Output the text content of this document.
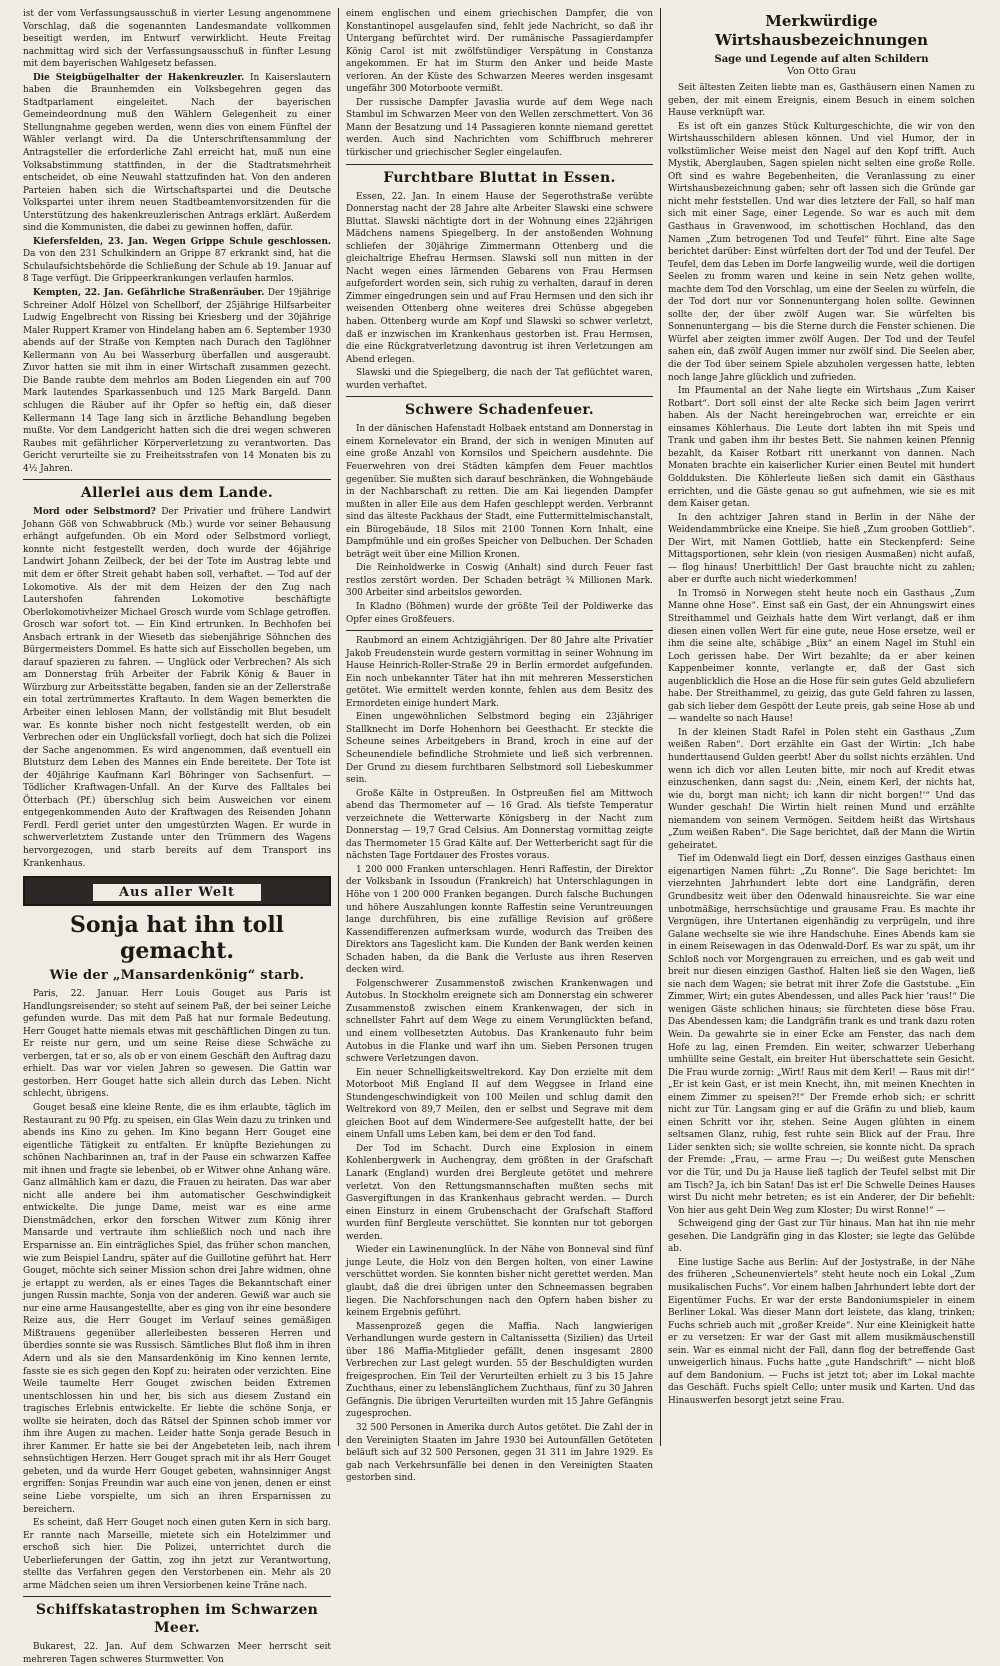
ist der vom Verfassungsausschuß in vierter Lesung angenommene Vorschlag, daß die sogenannten Landesmandate vollkommen beseitigt werden, im Entwurf verwirklicht. Heute Freitag nachmittag wird sich der Verfassungsausschuß in fünfter Lesung mit dem bayerischen Wahlgesetz befassen.

Die Steigbügelhalter der Hakenkreuzler. In Kaiserslautern haben die Braunhemden ein Volksbegehren gegen das Stadtparlament eingeleitet. Nach der bayerischen Gemeindeordnung muß den Wählern Gelegenheit zu einer Stellungnahme gegeben werden, wenn dies von einem Fünftel der Wähler verlangt wird. Da die Unterschriftensammlung der Antragsteller die erforderliche Zahl erreicht hat, muß nun eine Volksabstimmung stattfinden, in der die Stadtratsmehrheit entscheidet, ob eine Neuwahl stattzufinden hat. Von den anderen Parteien haben sich die Wirtschaftspartei und die Deutsche Volkspartei unter ihrem neuen Stadtbeamtenvorsitzenden für die Unterstützung des hakenkreuzlerischen Antrags erklärt. Außerdem sind die Kommunisten, die dabei zu gewinnen hoffen, dafür.

Kiefersfelden, 23. Jan. Wegen Grippe Schule geschlossen. Da von den 231 Schulkindern an Grippe 87 erkrankt sind, hat die Schulaufsichtsbehörde die Schließung der Schule ab 19. Januar auf 8 Tage verfügt. Die Grippeerkrankungen verlaufen harmlos.

Kempten, 22. Jan. Gefährliche Straßenräuber. Der 19jährige Schreiner Adolf Hölzel von Schellborf, der 25jährige Hilfsarbeiter Ludwig Engelbrecht von Rissing bei Kriesberg und der 30jährige Maler Ruppert Kramer von Hindelang haben am 6. September 1930 abends auf der Straße von Kempten nach Durach den Taglöhner Kellermann von Au bei Wasserburg überfallen und ausgeraubt. Zuvor hatten sie mit ihm in einer Wirtschaft zusammen gezecht. Die Bande raubte dem mehrlos am Boden Liegenden ein auf 700 Mark lautendes Sparkassenbuch und 125 Mark Bargeld. Dann schlugen die Räuber auf ihr Opfer so heftig ein, daß dieser Kellermann 14 Tage lang sich in ärztliche Behandlung begeben mußte. Vor dem Landgericht hatten sich die drei wegen schweren Raubes mit gefährlicher Körperverletzung zu verantworten. Das Gericht verurteilte sie zu Freiheitsstrafen von 14 Monaten bis zu 4½ Jahren.

Allerlei aus dem Lande.

Mord oder Selbstmord? Der Privatier und frühere Landwirt Johann Göß von Schwabbruck (Mb.) wurde vor seiner Behausung erhängt aufgefunden. Ob ein Mord oder Selbstmord vorliegt, konnte nicht festgestellt werden, doch wurde der 46jährige Landwirt Johann Zeilbeck, der bei der Tote im Austrag lebte und mit dem er öfter Streit gehabt haben soll, verhaftet. — Tod auf der Lokomotive. Als der mit dem Heizen der den Zug nach Lautershofen fahrenden Lokomotive beschäftigte Oberlokomotivheizer Michael Grosch wurde vom Schlage getroffen. Grosch war sofort tot. — Ein Kind ertrunken. In Bechhofen bei Ansbach ertrank in der Wiesetb das siebenjährige Söhnchen des Bürgermeisters Dommel. Es hatte sich auf Eisschollen begeben, um darauf spazieren zu fahren. — Unglück oder Verbrechen? Als sich am Donnerstag früh Arbeiter der Fabrik König & Bauer in Würzburg zur Arbeitsstätte begaben, fanden sie an der Zellerstraße ein total zertrümmertes Kraftauto. In dem Wagen bemerkten die Arbeiter einen leblosen Mann, der vollständig mit Blut besudelt war. Es konnte bisher noch nicht festgestellt werden, ob ein Verbrechen oder ein Unglücksfall vorliegt, doch hat sich die Polizei der Sache angenommen. Es wird angenommen, daß eventuell ein Blutsturz dem Leben des Mannes ein Ende bereitete. Der Tote ist der 40jährige Kaufmann Karl Böhringer von Sachsenfurt. — Tödlicher Kraftwagen-Unfall. An der Kurve des Falltales bei Ötterbach (Pf.) überschlug sich beim Ausweichen vor einem entgegenkommenden Auto der Kraftwagen des Reisenden Johann Ferdl. Ferdl geriet unter den umgestürzten Wagen. Er wurde in schwerverletztem Zustande unter den Trümmern des Wagens hervorgezogen, und starb bereits auf dem Transport ins Krankenhaus.

Aus aller Welt
Sonja hat ihn toll gemacht.
Wie der „Mansardenkönig“ starb.

Paris, 22. Januar. Herr Louis Gouget aus Paris ist Handlungsreisender; so steht auf seinem Paß, der bei seiner Leiche gefunden wurde. Das mit dem Paß hat nur formale Bedeutung. Herr Gouget hatte niemals etwas mit geschäftlichen Dingen zu tun. Er reiste nur gern, und um seine Reise diese Schwäche zu verbergen, tat er so, als ob er von einem Geschäft den Auftrag dazu erhielt. Das war vor vielen Jahren so gewesen. Die Gattin war gestorben. Herr Gouget hatte sich allein durch das Leben. Nicht schlecht, übrigens.

Gouget besaß eine kleine Rente, die es ihm erlaubte, täglich im Restaurant zu 90 Pfg. zu speisen, ein Glas Wein dazu zu trinken und abends ins Kino zu gehen. Im Kino begann Herr Gouget eine eigentliche Tätigkeit zu entfalten. Er knüpfte Beziehungen zu schönen Nachbarinnen an, traf in der Pause ein schwarzen Kaffee mit ihnen und fragte sie lebenbei, ob er Witwer ohne Anhang wäre. Ganz allmählich kam er dazu, die Frauen zu heiraten. Das war aber nicht alle andere bei ihm automatischer Geschwindigkeit entwickelte. Die junge Dame, meist war es eine arme Dienstmädchen, erkor den forschen Witwer zum König ihrer Mansarde und vertraute ihm schließlich noch und nach ihre Ersparnisse an. Ein einträgliches Spiel, das früher schon manchen, wie zum Beispiel Landru, später auf die Guillotine geführt hat. Herr Gouget, möchte sich seiner Mission schon drei Jahre widmen, ohne je ertappt zu werden, als er eines Tages die Bekanntschaft einer jungen Russin machte, Sonja von der anderen. Gewiß war auch sie nur eine arme Hausangestellte, aber es ging von ihr eine besondere Reize aus, die Herr Gouget im Verlauf seines gemäßigen Mißtrauens gegenüber allerleibesten besseren Herren und überdies sonnte sie was Russisch. Sämtliches Blut floß ihm in ihren Adern und als sie den Mansardenkönig im Kino kennen lernte, fasste sie es sich gegen den Kopf zu: heiraten oder verzichten. Eine Weile taumelte Herr Gouget zwischen beiden Extremen unentschlossen hin und her, bis sich aus diesem Zustand ein tragisches Erlebnis entwickelte. Er liebte die schöne Sonja, er wollte sie heiraten, doch das Rätsel der Spinnen schob immer vor ihm ihre Augen zu machen. Leider hatte Sonja gerade Besuch in ihrer Kammer. Er hatte sie bei der Angebeteten leib, nach ihrem sehnsüchtigen Herzen. Herr Gouget sprach mit ihr als Herr Gouget gebeten, und da wurde Herr Gouget gebeten, wahnsinniger Angst ergriffen: Sonjas Freundin war auch eine von jenen, denen er einst seine Liebe vorspielte, um sich an ihren Ersparnissen zu bereichern.

Es scheint, daß Herr Gouget noch einen guten Kern in sich barg. Er rannte nach Marseille, mietete sich ein Hotelzimmer und erschoß sich hier. Die Polizei, unterrichtet durch die Ueberlieferungen der Gattin, zog ihn jetzt zur Verantwortung, stellte das Verfahren gegen den Verstorbenen ein. Mehr als 20 arme Mädchen seien um ihren Versiorbenen keine Träne nach.

Schiffskatastrophen im Schwarzen Meer.

Bukarest, 22. Jan. Auf dem Schwarzen Meer herrscht seit mehreren Tagen schweres Sturmwetter. Von

einem englischen und einem griechischen Dampfer, die von Konstantinopel ausgelaufen sind, fehlt jede Nachricht, so daß ihr Untergang befürchtet wird. Der rumänische Passagierdampfer König Carol ist mit zwölfstündiger Verspätung in Constanza angekommen. Er hat im Sturm den Anker und beide Maste verloren. An der Küste des Schwarzen Meeres werden insgesamt ungefähr 300 Motorboote vermißt.

Der russische Dampfer Javaslia wurde auf dem Wege nach Stambul im Schwarzen Meer von den Wellen zerschmettert. Von 36 Mann der Besatzung und 14 Passagieren konnte niemand gerettet werden. Auch sind Nachrichten vom Schiffbruch mehrerer türkischer und griechischer Segler eingelaufen.

Furchtbare Bluttat in Essen.

Essen, 22. Jan. In einem Hause der Segerothstraße verübte Donnerstag nacht der 28 Jahre alte Arbeiter Slawski eine schwere Bluttat. Slawski nächtigte dort in der Wohnung eines 22jährigen Mädchens namens Spiegelberg. In der anstoßenden Wohnung schliefen der 30jährige Zimmermann Ottenberg und die gleichaltrige Ehefrau Hermsen. Slawski soll nun mitten in der Nacht wegen eines lärmenden Gebarens von Frau Hermsen aufgefordert worden sein, sich ruhig zu verhalten, darauf in deren Zimmer eingedrungen sein und auf Frau Hermsen und den sich ihr weisenden Ottenberg ohne weiteres drei Schüsse abgegeben haben. Ottenberg wurde am Kopf und Slawski so schwer verletzt, daß er inzwischen im Krankenhaus gestorben ist. Frau Hermsen, die eine Rückgratverletzung davontrug ist ihren Verletzungen am Abend erlegen.

Slawski und die Spiegelberg, die nach der Tat geflüchtet waren, wurden verhaftet.

Schwere Schadenfeuer.

In der dänischen Hafenstadt Holbaek entstand am Donnerstag in einem Kornelevator ein Brand, der sich in wenigen Minuten auf eine große Anzahl von Kornsilos und Speichern ausdehnte. Die Feuerwehren von drei Städten kämpfen dem Feuer machtlos gegenüber. Sie mußten sich darauf beschränken, die Wohngebäude in der Nachbarschaft zu retten. Die am Kai liegenden Dampfer mußten in aller Eile aus dem Hafen geschleppt werden. Verbrannt sind das älteste Packhaus der Stadt, eine Futtermittelmischanstalt, ein Bürogebäude, 18 Silos mit 2100 Tonnen Korn Inhalt, eine Dampfmühle und ein großes Speicher von Delbuchen. Der Schaden beträgt weit über eine Million Kronen.

Die Reinholdwerke in Coswig (Anhalt) sind durch Feuer fast restlos zerstört worden. Der Schaden beträgt ¾ Millionen Mark. 300 Arbeiter sind arbeitslos geworden.

In Kladno (Böhmen) wurde der größte Teil der Poldiwerke das Opfer eines Großfeuers.

Raubmord an einem Achtzigjährigen. Der 80 Jahre alte Privatier Jakob Freudenstein wurde gestern vormittag in seiner Wohnung im Hause Heinrich-Roller-Straße 29 in Berlin ermordet aufgefunden. Ein noch unbekannter Täter hat ihn mit mehreren Messerstichen getötet. Wie ermittelt werden konnte, fehlen aus dem Besitz des Ermordeten einige hundert Mark.

Einen ungewöhnlichen Selbstmord beging ein 23jähriger Stallknecht im Dorfe Hohenhorn bei Geesthacht. Er steckte die Scheune seines Arbeitgebers in Brand, kroch in eine auf der Scheunendiele befindliche Strohmiete und ließ sich verbrennen. Der Grund zu diesem furchtbaren Selbstmord soll Liebeskummer sein.

Große Kälte in Ostpreußen. In Ostpreußen fiel am Mittwoch abend das Thermometer auf — 16 Grad. Als tiefste Temperatur verzeichnete die Wetterwarte Königsberg in der Nacht zum Donnerstag — 19,7 Grad Celsius. Am Donnerstag vormittag zeigte das Thermometer 15 Grad Kälte auf. Der Wetterbericht sagt für die nächsten Tage Fortdauer des Frostes voraus.

1 200 000 Franken unterschlagen. Henri Raffestin, der Direktor der Volksbank in Issoudun (Frankreich) hat Unterschlagungen in Höhe von 1 200 000 Franken begangen. Durch falsche Buchungen und höhere Auszahlungen konnte Raffestin seine Veruntreuungen lange durchführen, bis eine zufällige Revision auf größere Kassendifferenzen aufmerksam wurde, wodurch das Treiben des Direktors ans Tageslicht kam. Die Kunden der Bank werden keinen Schaden haben, da die Bank die Verluste aus ihren Reserven decken wird.

Folgenschwerer Zusammenstoß zwischen Krankenwagen und Autobus. In Stockholm ereignete sich am Donnerstag ein schwerer Zusammenstoß zwischen einem Krankenwagen, der sich in schnellster Fahrt auf dem Wege zu einem Verunglückten befand, und einem vollbesetzten Autobus. Das Krankenauto fuhr beim Autobus in die Flanke und warf ihn um. Sieben Personen trugen schwere Verletzungen davon.

Ein neuer Schnelligkeitsweltrekord. Kay Don erzielte mit dem Motorboot Miß England II auf dem Weggsee in Irland eine Stundengeschwindigkeit von 100 Meilen und schlug damit den Weltrekord von 89,7 Meilen, den er selbst und Segrave mit dem gleichen Boot auf dem Windermere-See aufgestellt hatte, der bei einem Unfall ums Leben kam, bei dem er den Tod fand.

Der Tod im Schacht. Durch eine Explosion in einem Kohlenbergwerk in Auchengray, dem größten in der Grafschaft Lanark (England) wurden drei Bergleute getötet und mehrere verletzt. Von den Rettungsmannschaften mußten sechs mit Gasvergiftungen in das Krankenhaus gebracht werden. — Durch einen Einsturz in einem Grubenschacht der Grafschaft Stafford wurden fünf Bergleute verschüttet. Sie konnten nur tot geborgen werden.

Wieder ein Lawinenunglück. In der Nähe von Bonneval sind fünf junge Leute, die Holz von den Bergen holten, von einer Lawine verschüttet worden. Sie konnten bisher nicht gerettet werden. Man glaubt, daß die drei übrigen unter den Schneemassen begraben liegen. Die Nachforschungen nach den Opfern haben bisher zu keinem Ergebnis geführt.

Massenprozeß gegen die Maffia. Nach langwierigen Verhandlungen wurde gestern in Caltanissetta (Sizilien) das Urteil über 186 Maffia-Mitglieder gefällt, denen insgesamt 2800 Verbrechen zur Last gelegt wurden. 55 der Beschuldigten wurden freigesprochen. Ein Teil der Verurteilten erhielt zu 3 bis 15 Jahre Zuchthaus, einer zu lebenslänglichem Zuchthaus, fünf zu 30 Jahren Gefängnis. Die übrigen Verurteilten wurden mit 15 Jahre Gefängnis zugesprochen.

32 500 Personen in Amerika durch Autos getötet. Die Zahl der in den Vereinigten Staaten im Jahre 1930 bei Autounfällen Getöteten beläuft sich auf 32 500 Personen, gegen 31 311 im Jahre 1929. Es gab nach Verkehrsunfälle bei denen in den Vereinigten Staaten gestorben sind.

Merkwürdige Wirtshausbezeichnungen
Sage und Legende auf alten Schildern
Von Otto Grau

Seit ältesten Zeiten liebte man es, Gasthäusern einen Namen zu geben, der mit einem Ereignis, einem Besuch in einem solchen Hause verknüpft war.

Es ist oft ein ganzes Stück Kulturgeschichte, die wir von den Wirtshausschildern ablesen können. Und viel Humor, der in volkstümlicher Weise meist den Nagel auf den Kopf trifft. Auch Mystik, Aberglauben, Sagen spielen nicht selten eine große Rolle. Oft sind es wahre Begebenheiten, die Veranlassung zu einer Wirtshausbezeichnung gaben; sehr oft lassen sich die Gründe gar nicht mehr feststellen. Und war dies letztere der Fall, so half man sich mit einer Sage, einer Legende. So war es auch mit dem Gasthaus in Gravenwood, im schottischen Hochland, das den Namen „Zum betrogenen Tod und Teufel“ führt. Eine alte Sage berichtet darüber: Einst würfelten dort der Tod und der Teufel. Der Teufel, dem das Leben im Dorfe langweilig wurde, weil die dortigen Seelen zu fromm waren und keine in sein Netz gehen wollte, machte dem Tod den Vorschlag, um eine der Seelen zu würfeln, die der Tod dort nur vor Sonnenuntergang holen sollte. Gewinnen sollte der, der über zwölf Augen war. Sie würfelten bis Sonnenuntergang — bis die Sterne durch die Fenster schienen. Die Würfel aber zeigten immer zwölf Augen. Der Tod und der Teufel sahen ein, daß zwölf Augen immer nur zwölf sind. Die Seelen aber, die der Tod über seinem Spiele abzuholen vergessen hatte, lebten noch lange Jahre glücklich und zufrieden.

Im Pfaumental an der Nahe liegte ein Wirtshaus „Zum Kaiser Rotbart“. Dort soll einst der alte Recke sich beim Jagen verirrt haben. Als der Nacht hereingebrochen war, erreichte er ein einsames Köhlerhaus. Die Leute dort labten ihn mit Speis und Trank und gaben ihm ihr bestes Bett. Sie nahmen keinen Pfennig bezahlt, da Kaiser Rotbart ritt unerkannt von dannen. Nach Monaten brachte ein kaiserlicher Kurier einen Beutel mit hundert Goldduksten. Die Köhlerleute ließen sich damit ein Gästhaus errichten, und die Gäste genau so gut aufnehmen, wie sie es mit dem Kaiser getan.

In den achtziger Jahren stand in Berlin in der Nähe der Weidendammbrücke eine Kneipe. Sie hieß „Zum grooben Gottlieb“. Der Wirt, mit Namen Gottlieb, hatte ein Steckenpferd: Seine Mittagsportionen, sehr klein (von riesigen Ausmaßen) nicht aufaß, — flog hinaus! Unerbittlich! Der Gast brauchte nicht zu zahlen; aber er durfte auch nicht wiederkommen!

In Tromsö in Norwegen steht heute noch ein Gasthaus „Zum Manne ohne Hose“. Einst saß ein Gast, der ein Ahnungswirt eines Streithammel und Geizhals hatte dem Wirt verlangt, daß er ihm diesen einen vollen Wert für eine gute, neue Hose ersetze, weil er ihm die seine alte, schäbige „Büx“ an einem Nagel im Stuhl ein Loch gerissen habe. Der Wirt bezahlte; da er aber keinen Kappenbeimer konnte, verlangte er, daß der Gast sich augenblicklich die Hose an die Hose für sein gutes Geld abzuliefern habe. Der Streithammel, zu geizig, das gute Geld fahren zu lassen, gab sich lieber dem Gespött der Leute preis, gab seine Hose ab und — wandelte so nach Hause!

In der kleinen Stadt Rafel in Polen steht ein Gasthaus „Zum weißen Raben“. Dort erzählte ein Gast der Wirtin: „Ich habe hunderttausend Gulden geerbt! Aber du sollst nichts erzählen. Und wenn ich dich vor allen Leuten bitte, mir noch auf Kredit etwas einzuschenken, dann sagst du: ‚Nein, einem Kerl, der nichts hat, wie du, borgt man nicht; ich kann dir nicht borgen!‘“ Und das Wunder geschah! Die Wirtin hielt reinen Mund und erzählte niemandem von seinem Vermögen. Seitdem heißt das Wirtshaus „Zum weißen Raben“. Die Sage berichtet, daß der Mann die Wirtin geheiratet.

Tief im Odenwald liegt ein Dorf, dessen einziges Gasthaus einen eigenartigen Namen führt: „Zu Ronne“. Die Sage berichtet: Im vierzehnten Jahrhundert lebte dort eine Landgräfin, deren Grundbesitz weit über den Odenwald hinausreichte. Sie war eine unbotmäßige, herrschsüchtige und grausame Frau. Es machte ihr Vergnügen, ihre Untertanen eigenhändig zu verprügeln, und ihre Galane wechselte sie wie ihre Handschuhe. Eines Abends kam sie in einem Reisewagen in das Odenwald-Dorf. Es war zu spät, um ihr Schloß noch vor Morgengrauen zu erreichen, und es gab weit und breit nur diesen einzigen Gasthof. Halten ließ sie den Wagen, ließ sie nach dem Wagen; sie betrat mit ihrer Zofe die Gaststube. „Ein Zimmer, Wirt; ein gutes Abendessen, und alles Pack hier ’raus!“ Die wenigen Gäste schlichen hinaus; sie fürchteten diese böse Frau. Das Abendessen kam; die Landgräfin trank es und trank dazu roten Wein. Da gewahrte sie in einer Ecke am Fenster, das nach dem Hofe zu lag, einen Fremden. Ein weiter, schwarzer Ueberhang umhüllte seine Gestalt, ein breiter Hut überschattete sein Gesicht. Die Frau wurde zornig: „Wirt! Raus mit dem Kerl! — Raus mit dir!“ „Er ist kein Gast, er ist mein Knecht, ihn, mit meinen Knechten in einem Zimmer zu speisen?!“ Der Fremde erhob sich; er schritt nicht zur Tür. Langsam ging er auf die Gräfin zu und blieb, kaum einen Schritt vor ihr, stehen. Seine Augen glühten in einem seltsamen Glanz, ruhig, fest ruhte sein Blick auf der Frau. Ihre Lider senkten sich; sie wollte schreien, sie konnte nicht. Da sprach der Fremde: „Frau, — arme Frau —; Du weißest gute Menschen vor die Tür, und Du ja Hause ließ taglich der Teufel selbst mit Dir am Tisch? Ja, ich bin Satan! Das ist er! Die Schwelle Deines Hauses wirst Du nicht mehr betreten; es ist ein Anderer, der Dir befiehlt: Von hier aus geht Dein Weg zum Kloster; Du wirst Ronne!“ —

Schweigend ging der Gast zur Tür hinaus. Man hat ihn nie mehr gesehen. Die Landgräfin ging in das Kloster; sie legte das Gelübde ab.

Eine lustige Sache aus Berlin: Auf der Jostystraße, in der Nähe des früheren „Scheunenviertels“ steht heute noch ein Lokal „Zum musikalischen Fuchs“. Vor einem halben Jahrhundert lebte dort der Eigentümer Fuchs. Er war der erste Bandoniumspieler in einem Berliner Lokal. Was dieser Mann dort leistete, das klang, trinken; Fuchs schrieb auch mit „großer Kreide“. Nur eine Kleinigkeit hatte er zu versetzen: Er war der Gast mit allem musikmäuschenstill sein. War es einmal nicht der Fall, dann flog der betreffende Gast unweigerlich hinaus. Fuchs hatte „gute Handschrift“ — nicht bloß auf dem Bandonium. — Fuchs ist jetzt tot; aber im Lokal machte das Geschäft. Fuchs spielt Cello; unter musik und Karten. Und das Hinauswerfen besorgt jetzt seine Frau.
